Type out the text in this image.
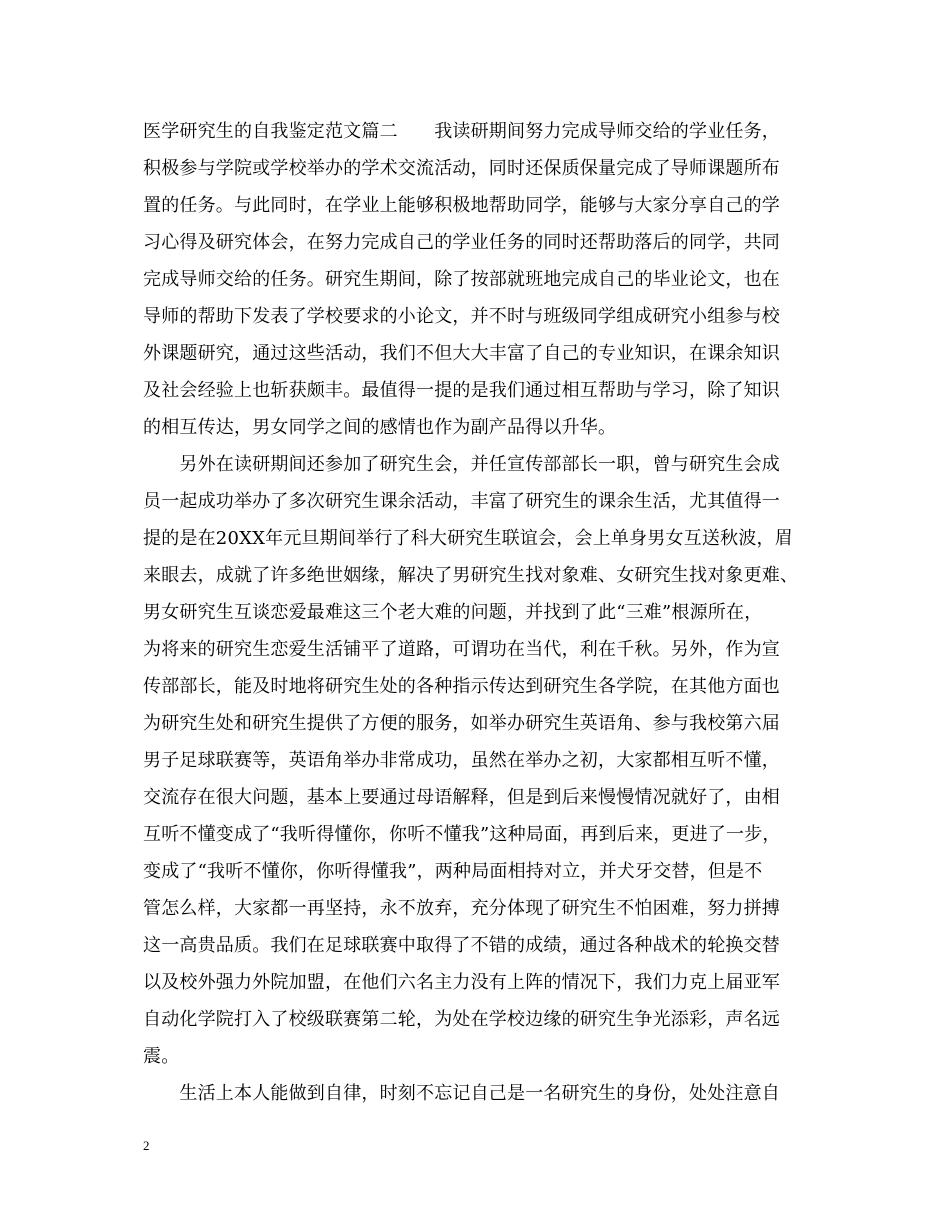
医学研究生的自我鉴定范文篇二　　我读研期间努力完成导师交给的学业任务，
积极参与学院或学校举办的学术交流活动，同时还保质保量完成了导师课题所布
置的任务。与此同时，在学业上能够积极地帮助同学，能够与大家分享自己的学
习心得及研究体会，在努力完成自己的学业任务的同时还帮助落后的同学，共同
完成导师交给的任务。研究生期间，除了按部就班地完成自己的毕业论文，也在
导师的帮助下发表了学校要求的小论文，并不时与班级同学组成研究小组参与校
外课题研究，通过这些活动，我们不但大大丰富了自己的专业知识，在课余知识
及社会经验上也斩获颇丰。最值得一提的是我们通过相互帮助与学习，除了知识
的相互传达，男女同学之间的感情也作为副产品得以升华。
　　另外在读研期间还参加了研究生会，并任宣传部部长一职，曾与研究生会成
员一起成功举办了多次研究生课余活动，丰富了研究生的课余生活，尤其值得一
提的是在20XX年元旦期间举行了科大研究生联谊会，会上单身男女互送秋波，眉
来眼去，成就了许多绝世姻缘，解决了男研究生找对象难、女研究生找对象更难、
男女研究生互谈恋爱最难这三个老大难的问题，并找到了此“三难”根源所在，
为将来的研究生恋爱生活铺平了道路，可谓功在当代，利在千秋。另外，作为宣
传部部长，能及时地将研究生处的各种指示传达到研究生各学院，在其他方面也
为研究生处和研究生提供了方便的服务，如举办研究生英语角、参与我校第六届
男子足球联赛等，英语角举办非常成功，虽然在举办之初，大家都相互听不懂，
交流存在很大问题，基本上要通过母语解释，但是到后来慢慢情况就好了，由相
互听不懂变成了“我听得懂你，你听不懂我”这种局面，再到后来，更进了一步，
变成了“我听不懂你，你听得懂我”，两种局面相持对立，并犬牙交替，但是不
管怎么样，大家都一再坚持，永不放弃，充分体现了研究生不怕困难，努力拼搏
这一高贵品质。我们在足球联赛中取得了不错的成绩，通过各种战术的轮换交替
以及校外强力外院加盟，在他们六名主力没有上阵的情况下，我们力克上届亚军
自动化学院打入了校级联赛第二轮，为处在学校边缘的研究生争光添彩，声名远
震。
　　生活上本人能做到自律，时刻不忘记自己是一名研究生的身份，处处注意自
2
